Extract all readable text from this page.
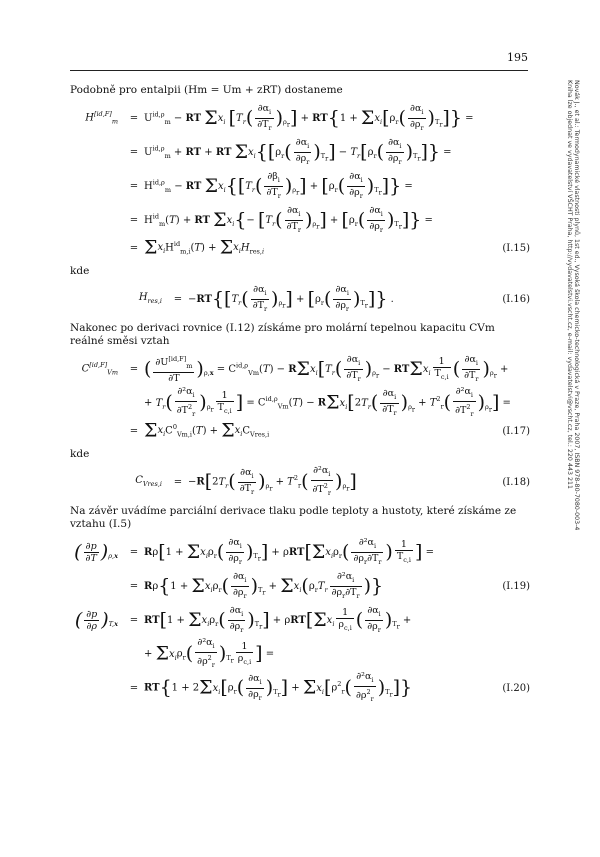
195
Novák J., et al.: Termodynamické vlastnosti plynů, 1st ed., Vysoká škola chemicko-technologická v Praze, Praha 2007, ISBN 978-80-7080-003-4
Kniha lze objednat ve vydavatelství VŠCHT Praha, http://vydavatelstvi.vscht.cz, e-mail: vydavatelstvi@vscht.cz, tel.: 220 443 211

Podobně pro entalpii (Hm = Um + zRT) dostaneme

$H[id,F]_m$	= $U^{id,\rho}_m$ − RT $\Sigma x_i$ $[T_r( \frac{\partial\alpha_i}{\partial T_r} )_{\rho_r}] + RT\{1 + \Sigma x_i[\rho_r( \frac{\partial\alpha_i}{\partial\rho_r} )_{T_r}]\}$ =
= $U^{id,\rho}_m$ + RT + RT $\Sigma x_i\{[\rho_r( \frac{\partial\alpha_i}{\partial\rho_r} )_{T_r}] - T_r[\rho_r( \frac{\partial\alpha_i}{\partial\rho_r} )_{T_r}]\}$ =
= $H^{id,\rho}_m$ − RT $\Sigma x_i\{[T_r( \frac{\partial\beta_i}{\partial T_r} )_{\rho_r}] + [\rho_r( \frac{\partial\alpha_i}{\partial\rho_r} )_{T_r}]\}$ =
= $H^{id}_m(T)$ + RT $\Sigma x_i\{- [T_r( \frac{\partial\alpha_i}{\partial T_r} )_{\rho_r}] + [\rho_r( \frac{\partial\alpha_i}{\partial\rho_r} )_{T_r}]\}$ =
= $\Sigma x_iH^{id}_{m,i}(T) + \Sigma x_iH_{res,i}$	(I.15)

kde

$H_{res,i}$	= $-RT\{[T_r( \frac{\partial\alpha_i}{\partial T_r} )_{\rho_r}] + [\rho_r( \frac{\partial\alpha_i}{\partial\rho_r} )_{T_r}]\}$ .	(I.16)

Nakonec po derivaci rovnice (I.12) získáme pro molární tepelnou kapacitu CVm reálné směsi vztah

$C[id,F]_{Vm}$	= ( $\frac{\partial U^{[id,F]}_m}{\partial T} )_{\rho,x} = C^{id,\rho}_{Vm}(T) - R\Sigma x_i[T_r( \frac{\partial\alpha_i}{\partial T_r} )_{\rho_r} - RT\Sigma x_i \frac{1}{T_{c,i}}$ ( $\frac{\partial\alpha_i}{\partial T_r} )_{\rho_r}$ +
+ $T_r( \frac{\partial^2\alpha_i}{\partial T^2_r} )_{\rho_r} \frac{1}{T_{c,i}}$ ] = $C^{id,\rho}_{Vm}(T) - R\Sigma x_i[2T_r( \frac{\partial\alpha_i}{\partial T_r} )_{\rho_r} + T^2_r( \frac{\partial^2\alpha_i}{\partial T^2_r} )_{\rho_r}]$ =
= $\Sigma x_iC^0_{Vm,i}(T) + \Sigma x_iC_{Vres,i}$	(I.17)

kde

$C_{Vres,i}$	= $-R[2T_r( \frac{\partial\alpha_i}{\partial T_r} )_{\rho_r} + T^2_r( \frac{\partial^2\alpha_i}{\partial T^2_r} )_{\rho_r}]$	(I.18)

Na závěr uvádíme parciální derivace tlaku podle teploty a hustoty, které získáme ze vztahu (I.5)

( $\frac{\partial p}{\partial T} )_{\rho,x}$	= $R\rho[1 + \Sigma x_i\rho_r( \frac{\partial\alpha_i}{\partial\rho_r} )_{T_r}] + \rho RT[\Sigma x_i\rho_r( \frac{\partial^2\alpha_i}{\partial\rho_r\partial T_r}$ ) $\frac{1}{T_{c,i}}$ ] =
= $R\rho\{1 + \Sigma x_i\rho_r( \frac{\partial\alpha_i}{\partial\rho_r} )_{T_r} + \Sigma x_i(\rho_rT_r \frac{\partial^2\alpha_i}{\partial\rho_r\partial T_r}$ )}	(I.19)
( $\frac{\partial p}{\partial\rho} )_{T,x}$	= $RT[1 + \Sigma x_i\rho_r( \frac{\partial\alpha_i}{\partial\rho_r} )_{T_r}] + \rho RT[\Sigma x_i \frac{1}{\rho_{c,i}}$ ( $\frac{\partial\alpha_i}{\partial\rho_r} )_{T_r}$ +
+ $\Sigma x_i\rho_r( \frac{\partial^2\alpha_i}{\partial\rho^2_r} )_{T_r} \frac{1}{\rho_{c,i}}$ ] =
= $RT\{1 + 2\Sigma x_i[\rho_r( \frac{\partial\alpha_i}{\partial\rho_r} )_{T_r}] + \Sigma x_i[\rho^2_r( \frac{\partial^2\alpha_i}{\partial\rho^2_r} )_{T_r}]\}$	(I.20)
